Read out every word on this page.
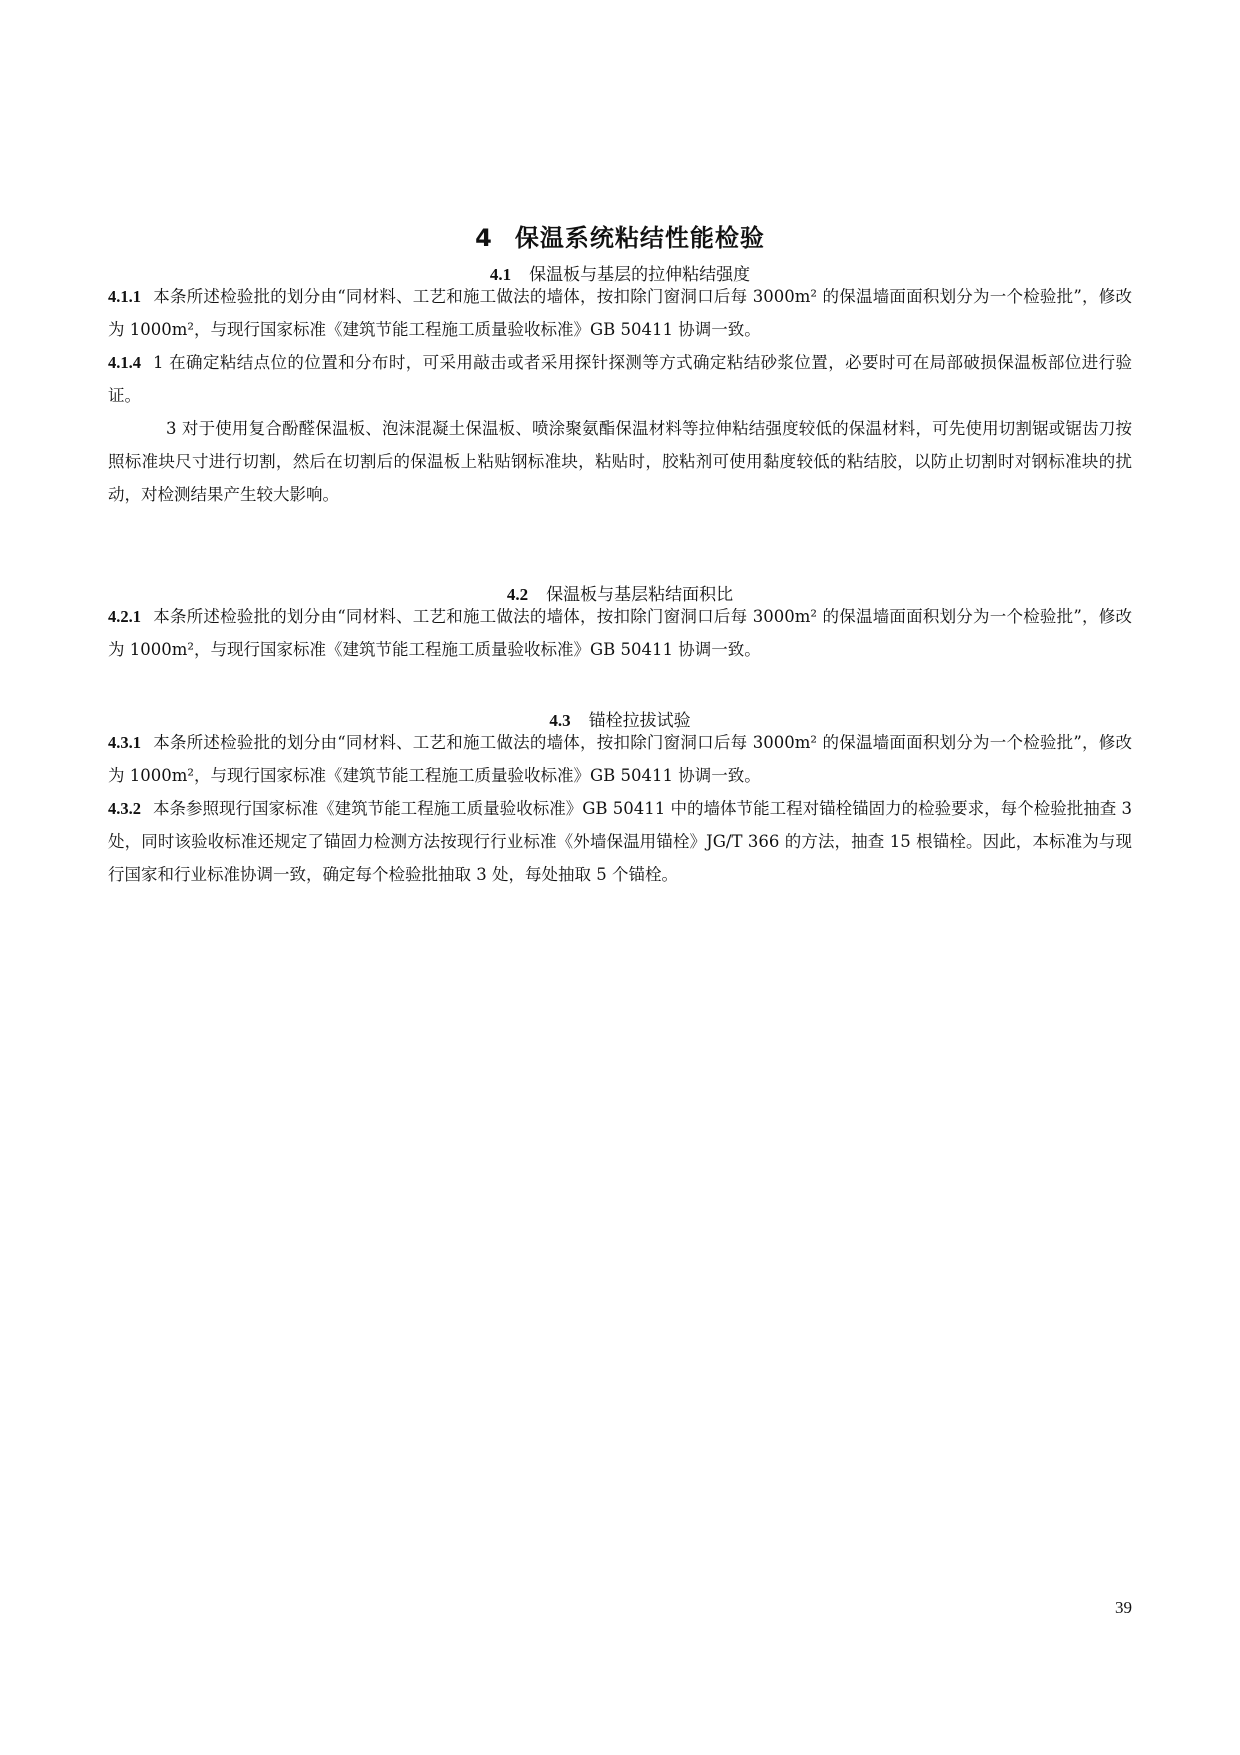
4 保温系统粘结性能检验
4.1 保温板与基层的拉伸粘结强度

4.1.1 本条所述检验批的划分由“同材料、工艺和施工做法的墙体，按扣除门窗洞口后每 3000m² 的保温墙面面积划分为一个检验批”，修改为 1000m²，与现行国家标准《建筑节能工程施工质量验收标准》GB 50411 协调一致。

4.1.4 1 在确定粘结点位的位置和分布时，可采用敲击或者采用探针探测等方式确定粘结砂浆位置，必要时可在局部破损保温板部位进行验证。

3 对于使用复合酚醛保温板、泡沫混凝土保温板、喷涂聚氨酯保温材料等拉伸粘结强度较低的保温材料，可先使用切割锯或锯齿刀按照标准块尺寸进行切割，然后在切割后的保温板上粘贴钢标准块，粘贴时，胶粘剂可使用黏度较低的粘结胶，以防止切割时对钢标准块的扰动，对检测结果产生较大影响。

4.2 保温板与基层粘结面积比

4.2.1 本条所述检验批的划分由“同材料、工艺和施工做法的墙体，按扣除门窗洞口后每 3000m² 的保温墙面面积划分为一个检验批”，修改为 1000m²，与现行国家标准《建筑节能工程施工质量验收标准》GB 50411 协调一致。

4.3 锚栓拉拔试验

4.3.1 本条所述检验批的划分由“同材料、工艺和施工做法的墙体，按扣除门窗洞口后每 3000m² 的保温墙面面积划分为一个检验批”，修改为 1000m²，与现行国家标准《建筑节能工程施工质量验收标准》GB 50411 协调一致。

4.3.2 本条参照现行国家标准《建筑节能工程施工质量验收标准》GB 50411 中的墙体节能工程对锚栓锚固力的检验要求，每个检验批抽查 3 处，同时该验收标准还规定了锚固力检测方法按现行行业标准《外墙保温用锚栓》JG/T 366 的方法，抽查 15 根锚栓。因此，本标准为与现行国家和行业标准协调一致，确定每个检验批抽取 3 处，每处抽取 5 个锚栓。

39
